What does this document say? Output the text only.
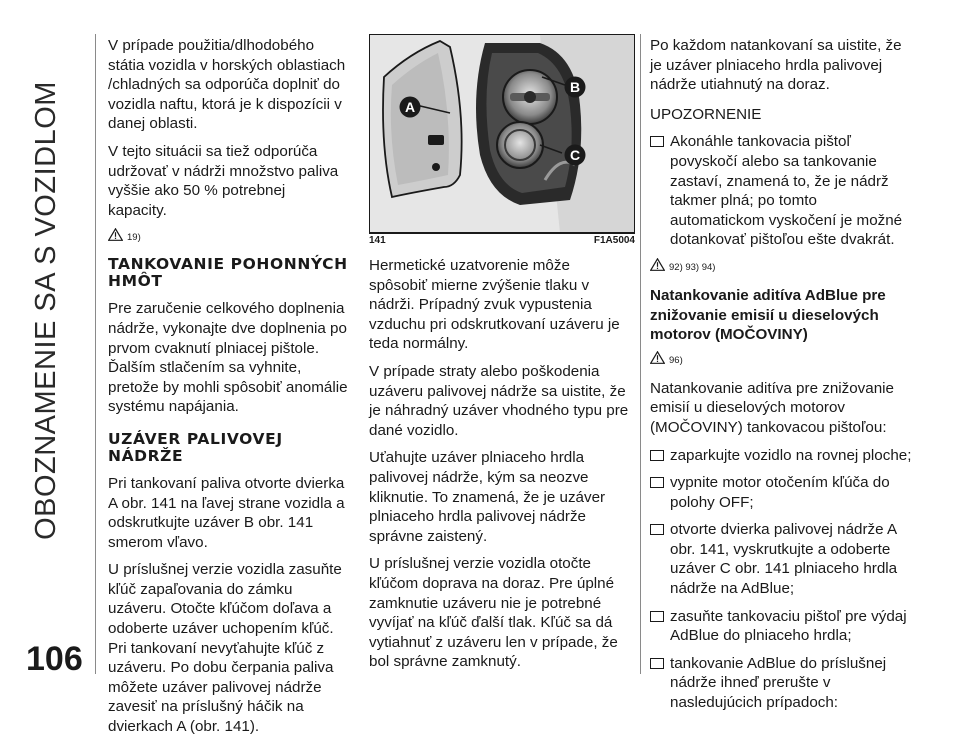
OBOZNAMENIE SA S VOZIDLOM
106

V prípade použitia/dlhodobého státia vozidla v horských oblastiach /chladných sa odporúča doplniť do vozidla naftu, ktorá je k dispozícii v danej oblasti.

V tejto situácii sa tiež odporúča udržovať v nádrži množstvo paliva vyššie ako 50 % potrebnej kapacity.

19)
TANKOVANIE POHONNÝCH HMÔT

Pre zaručenie celkového doplnenia nádrže, vykonajte dve doplnenia po prvom cvaknutí plniacej pištole. Ďalším stlačením sa vyhnite, pretože by mohli spôsobiť anomálie systému napájania.

UZÁVER PALIVOVEJ NÁDRŽE

Pri tankovaní paliva otvorte dvierka A obr. 141 na ľavej strane vozidla a odskrutkujte uzáver B obr. 141 smerom vľavo.

U príslušnej verzie vozidla zasuňte kľúč zapaľovania do zámku uzáveru. Otočte kľúčom doľava a odoberte uzáver uchopením kľúč. Pri tankovaní nevyťahujte kľúč z uzáveru. Po dobu čerpania paliva môžete uzáver palivovej nádrže zavesiť na príslušný háčik na dvierkach A (obr. 141).

A
B
C
141	F1A5004

Hermetické uzatvorenie môže spôsobiť mierne zvýšenie tlaku v nádrži. Prípadný zvuk vypustenia vzduchu pri odskrutkovaní uzáveru je teda normálny.

V prípade straty alebo poškodenia uzáveru palivovej nádrže sa uistite, že je náhradný uzáver vhodného typu pre dané vozidlo.

Uťahujte uzáver plniaceho hrdla palivovej nádrže, kým sa neozve kliknutie. To znamená, že je uzáver plniaceho hrdla palivovej nádrže správne zaistený.

U príslušnej verzie vozidla otočte kľúčom doprava na doraz. Pre úplné zamknutie uzáveru nie je potrebné vyvíjať na kľúč ďalší tlak. Kľúč sa dá vytiahnuť z uzáveru len v prípade, že bol správne zamknutý.

Po každom natankovaní sa uistite, že je uzáver plniaceho hrdla palivovej nádrže utiahnutý na doraz.

UPOZORNENIE

Akonáhle tankovacia pištoľ povyskočí alebo sa tankovanie zastaví, znamená to, že je nádrž takmer plná; po tomto automatickom vyskočení je možné dotankovať pištoľou ešte dvakrát.
92) 93) 94)
Natankovanie aditíva AdBlue pre znižovanie emisií u dieselových motorov (MOČOVINY)
96)

Natankovanie aditíva pre znižovanie emisií u dieselových motorov (MOČOVINY) tankovacou pištoľou:

zaparkujte vozidlo na rovnej ploche;
vypnite motor otočením kľúča do polohy OFF;
otvorte dvierka palivovej nádrže A obr. 141, vyskrutkujte a odoberte uzáver C obr. 141 plniaceho hrdla nádrže na AdBlue;
zasuňte tankovaciu pištoľ pre výdaj AdBlue do plniaceho hrdla;
tankovanie AdBlue do príslušnej nádrže ihneď prerušte v nasledujúcich prípadoch:
